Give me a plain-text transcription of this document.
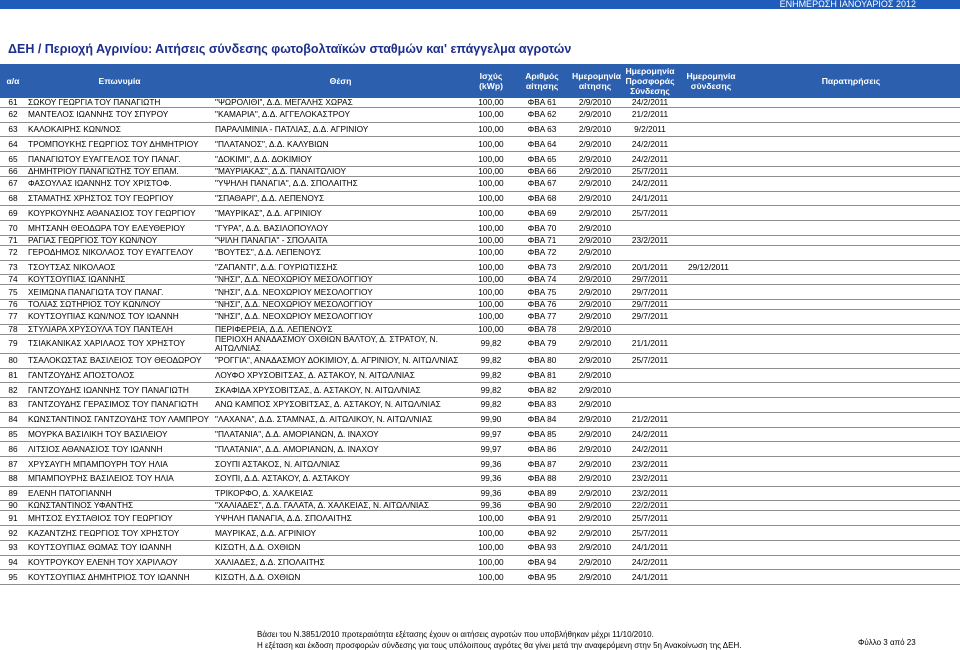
ΕΝΗΜΕΡΩΣΗ ΙΑΝΟΥΑΡΙΟΣ 2012
ΔΕΗ / Περιοχή Αγρινίου: Αιτήσεις σύνδεσης φωτοβολταϊκών σταθμών και' επάγγελμα αγροτών
α/α	Επωνυμία	Θέση	Ισχύς (kWp)	Αριθμός αίτησης	Ημερομηνία αίτησης	Ημερομηνία Προσφοράς Σύνδεσης	Ημερομηνία σύνδεσης	Παρατηρήσεις
61	ΣΩΚΟΥ ΓΕΩΡΓΙΑ ΤΟΥ ΠΑΝΑΓΙΩΤΗ	"ΨΩΡΟΛΙΘΙ", Δ.Δ. ΜΕΓΑΛΗΣ ΧΩΡΑΣ	100,00	ΦΒΑ 61	2/9/2010	24/2/2011		
62	ΜΑΝΤΕΛΟΣ ΙΩΑΝΝΗΣ ΤΟΥ ΣΠΥΡΟΥ	"ΚΑΜΑΡΙΑ", Δ.Δ. ΑΓΓΕΛΟΚΑΣΤΡΟΥ	100,00	ΦΒΑ 62	2/9/2010	21/2/2011		
63	ΚΑΛΟΚΑΙΡΗΣ ΚΩΝ/ΝΟΣ	ΠΑΡΑΛΙΜΙΝΙΑ - ΠΑΤΛΙΑΣ, Δ.Δ. ΑΓΡΙΝΙΟΥ	100,00	ΦΒΑ 63	2/9/2010	9/2/2011		
64	ΤΡΟΜΠΟΥΚΗΣ ΓΕΩΡΓΙΟΣ ΤΟΥ ΔΗΜΗΤΡΙΟΥ	"ΠΛΑΤΑΝΟΣ", Δ.Δ. ΚΑΛΥΒΙΩΝ	100,00	ΦΒΑ 64	2/9/2010	24/2/2011		
65	ΠΑΝΑΓΙΩΤΟΥ ΕΥΑΓΓΕΛΟΣ ΤΟΥ ΠΑΝΑΓ.	"ΔΟΚΙΜΙ", Δ.Δ. ΔΟΚΙΜΙΟΥ	100,00	ΦΒΑ 65	2/9/2010	24/2/2011		
66	ΔΗΜΗΤΡΙΟΥ ΠΑΝΑΓΙΩΤΗΣ ΤΟΥ ΕΠΑΜ.	"ΜΑΥΡΙΑΚΑΣ", Δ.Δ. ΠΑΝΑΙΤΩΛΙΟΥ	100,00	ΦΒΑ 66	2/9/2010	25/7/2011		
67	ΦΑΣΟΥΛΑΣ ΙΩΑΝΝΗΣ ΤΟΥ ΧΡΙΣΤΟΦ.	"ΥΨΗΛΗ ΠΑΝΑΓΙΑ", Δ.Δ. ΣΠΟΛΑΙΤΗΣ	100,00	ΦΒΑ 67	2/9/2010	24/2/2011		
68	ΣΤΑΜΑΤΗΣ ΧΡΗΣΤΟΣ ΤΟΥ ΓΕΩΡΓΙΟΥ	"ΣΠΑΘΑΡΙ", Δ.Δ. ΛΕΠΕΝΟΥΣ	100,00	ΦΒΑ 68	2/9/2010	24/1/2011		
69	ΚΟΥΡΚΟΥΝΗΣ ΑΘΑΝΑΣΙΟΣ ΤΟΥ ΓΕΩΡΓΙΟΥ	"ΜΑΥΡΙΚΑΣ", Δ.Δ. ΑΓΡΙΝΙΟΥ	100,00	ΦΒΑ 69	2/9/2010	25/7/2011		
70	ΜΗΤΣΑΝΗ ΘΕΟΔΩΡΑ ΤΟΥ ΕΛΕΥΘΕΡΙΟΥ	"ΓΥΡΑ", Δ.Δ. ΒΑΣΙΛΟΠΟΥΛΟΥ	100,00	ΦΒΑ 70	2/9/2010			
71	ΡΑΓΙΑΣ ΓΕΩΡΓΙΟΣ ΤΟΥ ΚΩΝ/ΝΟΥ	"ΨΙΛΗ ΠΑΝΑΓΙΑ" - ΣΠΟΛΑΙΤΑ	100,00	ΦΒΑ 71	2/9/2010	23/2/2011		
72	ΓΕΡΟΔΗΜΟΣ ΝΙΚΟΛΑΟΣ ΤΟΥ ΕΥΑΓΓΕΛΟΥ	"ΒΟΥΤΕΣ", Δ.Δ. ΛΕΠΕΝΟΥΣ	100,00	ΦΒΑ 72	2/9/2010			
73	ΤΣΟΥΤΣΑΣ ΝΙΚΟΛΑΟΣ	"ΖΑΠΑΝΤΙ", Δ.Δ. ΓΟΥΡΙΩΤΙΣΣΗΣ	100,00	ΦΒΑ 73	2/9/2010	20/1/2011	29/12/2011	
74	ΚΟΥΤΣΟΥΠΙΑΣ ΙΩΑΝΝΗΣ	"ΝΗΣΙ", Δ.Δ. ΝΕΟΧΩΡΙΟΥ ΜΕΣΟΛΟΓΓΙΟΥ	100,00	ΦΒΑ 74	2/9/2010	29/7/2011		
75	ΧΕΙΜΩΝΑ ΠΑΝΑΓΙΩΤΑ ΤΟΥ ΠΑΝΑΓ.	"ΝΗΣΙ", Δ.Δ. ΝΕΟΧΩΡΙΟΥ ΜΕΣΟΛΟΓΓΙΟΥ	100,00	ΦΒΑ 75	2/9/2010	29/7/2011		
76	ΤΟΛΙΑΣ ΣΩΤΗΡΙΟΣ ΤΟΥ ΚΩΝ/ΝΟΥ	"ΝΗΣΙ", Δ.Δ. ΝΕΟΧΩΡΙΟΥ ΜΕΣΟΛΟΓΓΙΟΥ	100,00	ΦΒΑ 76	2/9/2010	29/7/2011		
77	ΚΟΥΤΣΟΥΠΙΑΣ ΚΩΝ/ΝΟΣ ΤΟΥ ΙΩΑΝΝΗ	"ΝΗΣΙ", Δ.Δ. ΝΕΟΧΩΡΙΟΥ ΜΕΣΟΛΟΓΓΙΟΥ	100,00	ΦΒΑ 77	2/9/2010	29/7/2011		
78	ΣΤΥΛΙΑΡΑ ΧΡΥΣΟΥΛΑ ΤΟΥ ΠΑΝΤΕΛΗ	ΠΕΡΙΦΕΡΕΙΑ, Δ.Δ. ΛΕΠΕΝΟΥΣ	100,00	ΦΒΑ 78	2/9/2010			
79	ΤΣΙΑΚΑΝΙΚΑΣ ΧΑΡΙΛΑΟΣ ΤΟΥ ΧΡΗΣΤΟΥ	ΠΕΡΙΟΧΗ ΑΝΑΔΑΣΜΟΥ ΟΧΘΙΩΝ ΒΑΛΤΟΥ, Δ. ΣΤΡΑΤΟΥ, Ν. ΑΙΤΩΛ/ΝΙΑΣ	99,82	ΦΒΑ 79	2/9/2010	21/1/2011		
80	ΤΣΑΛΟΚΩΣΤΑΣ ΒΑΣΙΛΕΙΟΣ ΤΟΥ ΘΕΟΔΩΡΟΥ	"ΡΟΓΓΙΑ", ΑΝΑΔΑΣΜΟΥ ΔΟΚΙΜΙΟΥ, Δ. ΑΓΡΙΝΙΟΥ, Ν. ΑΙΤΩΛ/ΝΙΑΣ	99,82	ΦΒΑ 80	2/9/2010	25/7/2011		
81	ΓΑΝΤΖΟΥΔΗΣ ΑΠΟΣΤΟΛΟΣ	ΛΟΥΦΟ ΧΡΥΣΟΒΙΤΣΑΣ, Δ. ΑΣΤΑΚΟΥ, Ν. ΑΙΤΩΛ/ΝΙΑΣ	99,82	ΦΒΑ 81	2/9/2010			
82	ΓΑΝΤΖΟΥΔΗΣ ΙΩΑΝΝΗΣ ΤΟΥ ΠΑΝΑΓΙΩΤΗ	ΣΚΑΦΙΔΑ ΧΡΥΣΟΒΙΤΣΑΣ, Δ. ΑΣΤΑΚΟΥ, Ν. ΑΙΤΩΛ/ΝΙΑΣ	99,82	ΦΒΑ 82	2/9/2010			
83	ΓΑΝΤΖΟΥΔΗΣ ΓΕΡΑΣΙΜΟΣ ΤΟΥ ΠΑΝΑΓΙΩΤΗ	ΑΝΩ ΚΑΜΠΟΣ ΧΡΥΣΟΒΙΤΣΑΣ, Δ. ΑΣΤΑΚΟΥ, Ν. ΑΙΤΩΛ/ΝΙΑΣ	99,82	ΦΒΑ 83	2/9/2010			
84	ΚΩΝΣΤΑΝΤΙΝΟΣ ΓΑΝΤΖΟΥΔΗΣ ΤΟΥ ΛΑΜΠΡΟΥ	"ΛΑΧΑΝΑ", Δ.Δ. ΣΤΑΜΝΑΣ, Δ. ΑΙΤΩΛΙΚΟΥ, Ν. ΑΙΤΩΛ/ΝΙΑΣ	99,90	ΦΒΑ 84	2/9/2010	21/2/2011		
85	ΜΟΥΡΚΑ ΒΑΣΙΛΙΚΗ ΤΟΥ ΒΑΣΙΛΕΙΟΥ	"ΠΛΑΤΑΝΙΑ", Δ.Δ. ΑΜΟΡΙΑΝΩΝ, Δ. ΙΝΑΧΟΥ	99,97	ΦΒΑ 85	2/9/2010	24/2/2011		
86	ΛΙΤΣΙΟΣ ΑΘΑΝΑΣΙΟΣ ΤΟΥ ΙΩΑΝΝΗ	"ΠΛΑΤΑΝΙΑ", Δ.Δ. ΑΜΟΡΙΑΝΩΝ, Δ. ΙΝΑΧΟΥ	99,97	ΦΒΑ 86	2/9/2010	24/2/2011		
87	ΧΡΥΣΑΥΓΗ ΜΠΑΜΠΟΥΡΗ ΤΟΥ ΗΛΙΑ	ΣΟΥΠΙ ΑΣΤΑΚΟΣ, Ν. ΑΙΤΩΛ/ΝΙΑΣ	99,36	ΦΒΑ 87	2/9/2010	23/2/2011		
88	ΜΠΑΜΠΟΥΡΗΣ ΒΑΣΙΛΕΙΟΣ ΤΟΥ ΗΛΙΑ	ΣΟΥΠΙ, Δ.Δ. ΑΣΤΑΚΟΥ, Δ. ΑΣΤΑΚΟΥ	99,36	ΦΒΑ 88	2/9/2010	23/2/2011		
89	ΕΛΕΝΗ ΠΑΤΟΓΙΑΝΝΗ	ΤΡΙΚΟΡΦΟ, Δ. ΧΑΛΚΕΙΑΣ	99,36	ΦΒΑ 89	2/9/2010	23/2/2011		
90	ΚΩΝΣΤΑΝΤΙΝΟΣ ΥΦΑΝΤΗΣ	"ΧΑΛΙΑΔΕΣ", Δ.Δ. ΓΑΛΑΤΑ, Δ. ΧΑΛΚΕΙΑΣ, Ν. ΑΙΤΩΛ/ΝΙΑΣ	99,36	ΦΒΑ 90	2/9/2010	22/2/2011		
91	ΜΗΤΣΟΣ ΕΥΣΤΑΘΙΟΣ ΤΟΥ ΓΕΩΡΓΙΟΥ	ΥΨΗΛΗ ΠΑΝΑΓΙΑ, Δ.Δ. ΣΠΟΛΑΙΤΗΣ	100,00	ΦΒΑ 91	2/9/2010	25/7/2011		
92	ΚΑΖΑΝΤΖΗΣ ΓΕΩΡΓΙΟΣ ΤΟΥ ΧΡΗΣΤΟΥ	ΜΑΥΡΙΚΑΣ, Δ.Δ. ΑΓΡΙΝΙΟΥ	100,00	ΦΒΑ 92	2/9/2010	25/7/2011		
93	ΚΟΥΤΣΟΥΠΙΑΣ ΘΩΜΑΣ ΤΟΥ ΙΩΑΝΝΗ	ΚΙΣΩΤΗ, Δ.Δ. ΟΧΘΙΩΝ	100,00	ΦΒΑ 93	2/9/2010	24/1/2011		
94	ΚΟΥΤΡΟΥΚΟΥ ΕΛΕΝΗ ΤΟΥ ΧΑΡΙΛΑΟΥ	ΧΑΛΙΑΔΕΣ, Δ.Δ. ΣΠΟΛΑΙΤΗΣ	100,00	ΦΒΑ 94	2/9/2010	24/2/2011		
95	ΚΟΥΤΣΟΥΠΙΑΣ ΔΗΜΗΤΡΙΟΣ ΤΟΥ ΙΩΑΝΝΗ	ΚΙΣΩΤΗ, Δ.Δ. ΟΧΘΙΩΝ	100,00	ΦΒΑ 95	2/9/2010	24/1/2011		
Βάσει του Ν.3851/2010 προτεραιότητα εξέτασης έχουν οι αιτήσεις αγροτών που υποβλήθηκαν μέχρι 11/10/2010.
Η εξέταση και έκδοση προσφορών σύνδεσης για τους υπόλοιπους αγρότες θα γίνει μετά την αναφερόμενη στην 5η Ανακοίνωση της ΔΕΗ.	Φύλλο 3 από 23
